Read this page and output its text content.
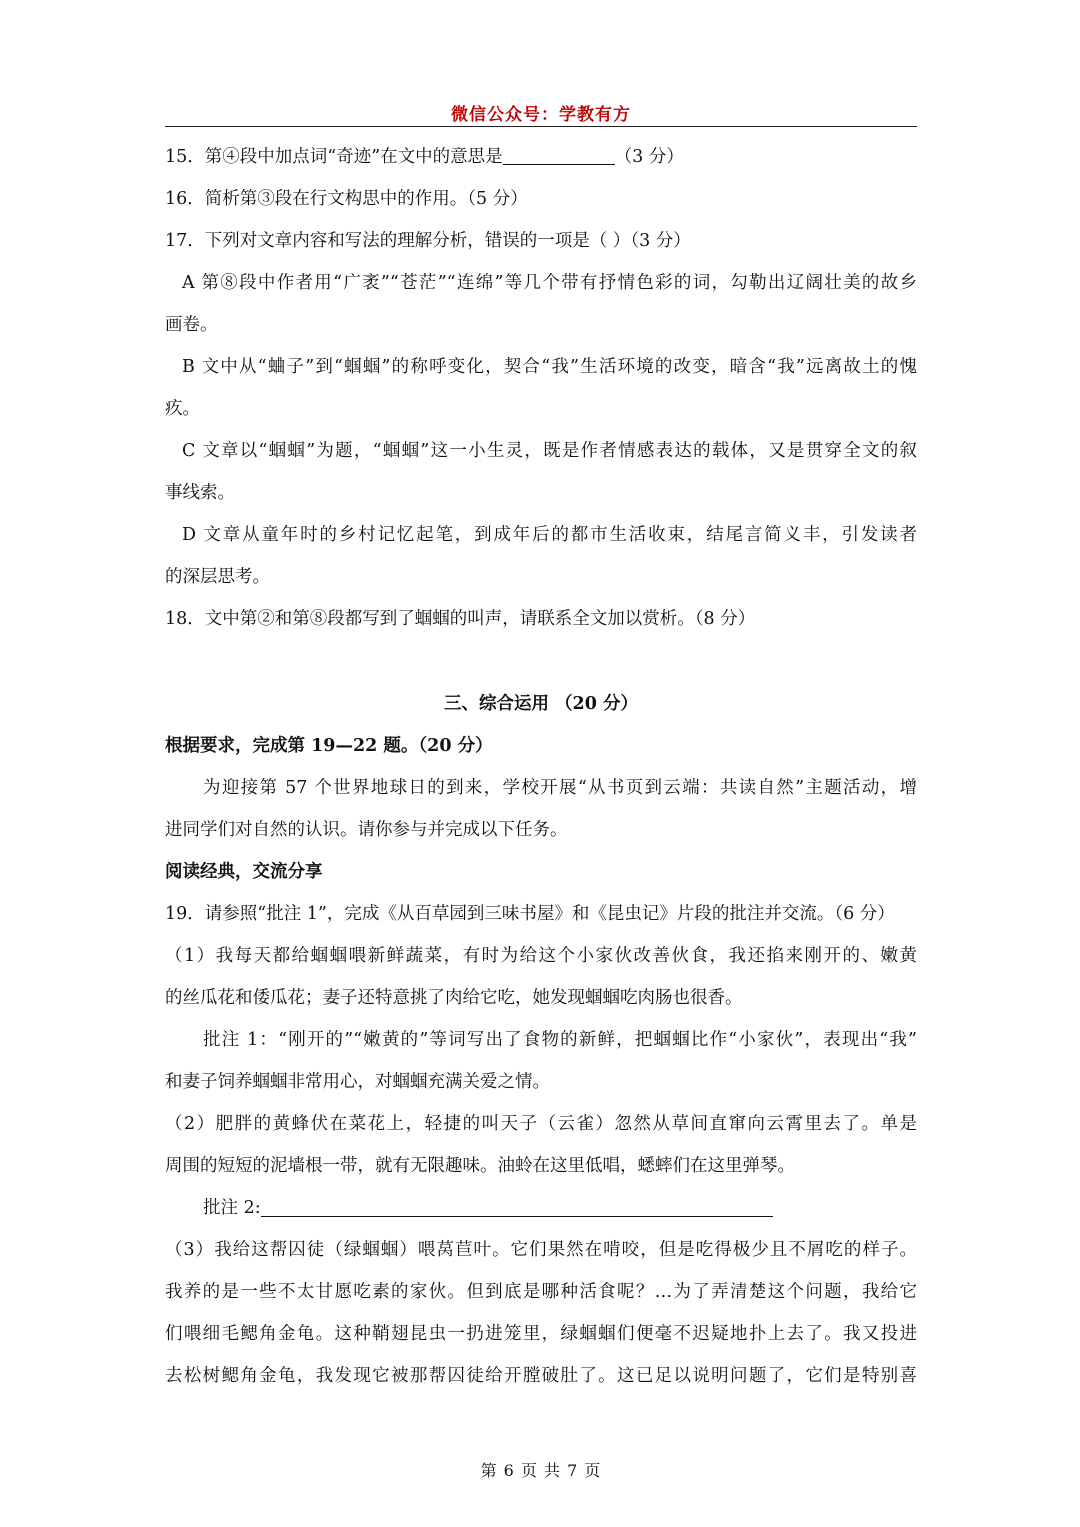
微信公众号：学教有方
15．第④段中加点词“奇迹”在文中的意思是	（3 分）
16．简析第③段在行文构思中的作用。（5 分）
17．下列对文章内容和写法的理解分析，错误的一项是（ ）（3 分）
A 第⑧段中作者用“广袤”“苍茫”“连绵”等几个带有抒情色彩的词，勾勒出辽阔壮美的故乡
画卷。
B 文中从“蛐子”到“蝈蝈”的称呼变化，契合“我”生活环境的改变，暗含“我”远离故土的愧
疚。
C 文章以“蝈蝈”为题，“蝈蝈”这一小生灵，既是作者情感表达的载体，又是贯穿全文的叙
事线索。
D 文章从童年时的乡村记忆起笔，到成年后的都市生活收束，结尾言简义丰，引发读者
的深层思考。
18．文中第②和第⑧段都写到了蝈蝈的叫声，请联系全文加以赏析。（8 分）
三、综合运用 （20 分）
根据要求，完成第 19—22 题。（20 分）
为迎接第 57 个世界地球日的到来，学校开展“从书页到云端：共读自然”主题活动，增
进同学们对自然的认识。请你参与并完成以下任务。
阅读经典，交流分享
19．请参照“批注 1”，完成《从百草园到三味书屋》和《昆虫记》片段的批注并交流。（6 分）
（1）我每天都给蝈蝈喂新鲜蔬菜，有时为给这个小家伙改善伙食，我还掐来刚开的、嫩黄
的丝瓜花和倭瓜花；妻子还特意挑了肉给它吃，她发现蝈蝈吃肉肠也很香。
批注 1：“刚开的”“嫩黄的”等词写出了食物的新鲜，把蝈蝈比作“小家伙”，表现出“我”
和妻子饲养蝈蝈非常用心，对蝈蝈充满关爱之情。
（2）肥胖的黄蜂伏在菜花上，轻捷的叫天子（云雀）忽然从草间直窜向云霄里去了。单是
周围的短短的泥墙根一带，就有无限趣味。油蛉在这里低唱，蟋蟀们在这里弹琴。
批注 2:
（3）我给这帮囚徒（绿蝈蝈）喂莴苣叶。它们果然在啃咬，但是吃得极少且不屑吃的样子。
我养的是一些不太甘愿吃素的家伙。但到底是哪种活食呢？…为了弄清楚这个问题，我给它
们喂细毛鳃角金龟。这种鞘翅昆虫一扔进笼里，绿蝈蝈们便毫不迟疑地扑上去了。我又投进
去松树鳃角金龟，我发现它被那帮囚徒给开膛破肚了。这已足以说明问题了，它们是特别喜
第 6 页 共 7 页
